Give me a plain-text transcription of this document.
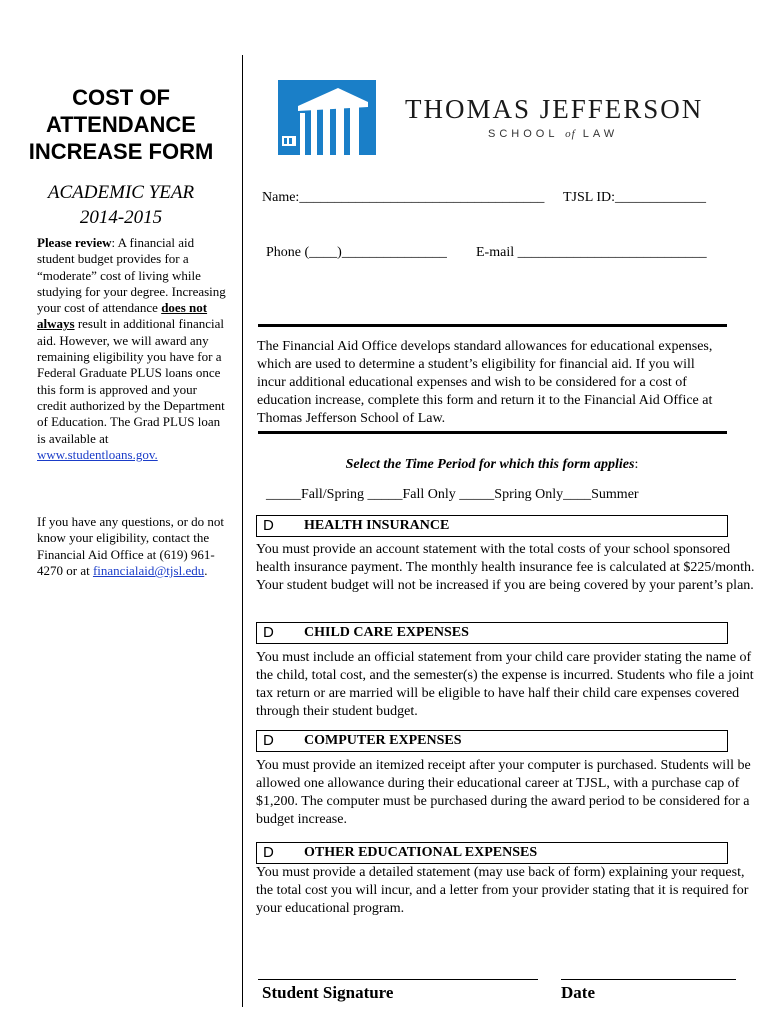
COST OF
ATTENDANCE
INCREASE FORM
ACADEMIC YEAR
2014-2015
Please review: A financial aid student budget provides for a “moderate” cost of living while studying for your degree. Increasing your cost of attendance does not always result in additional financial aid. However, we will award any remaining eligibility you have for a Federal Graduate PLUS loans once this form is approved and your credit authorized by the Department of Education. The Grad PLUS loan is available at www.studentloans.gov.
If you have any questions, or do not know your eligibility, contact the Financial Aid Office at (619) 961-4270 or at financialaid@tjsl.edu.
THOMAS JEFFERSON
SCHOOL of LAW
Name:___________________________________ TJSL ID:_____________
Phone (____)_______________ E-mail ___________________________
The Financial Aid Office develops standard allowances for educational expenses, which are used to determine a student’s eligibility for financial aid. If you will incur additional educational expenses and wish to be considered for a cost of education increase, complete this form and return it to the Financial Aid Office at Thomas Jefferson School of Law.
Select the Time Period for which this form applies:
_____Fall/Spring _____Fall Only _____Spring Only____Summer
D HEALTH INSURANCE
You must provide an account statement with the total costs of your school sponsored health insurance payment. The monthly health insurance fee is calculated at $225/month. Your student budget will not be increased if you are being covered by your parent’s plan.
D CHILD CARE EXPENSES
You must include an official statement from your child care provider stating the name of the child, total cost, and the semester(s) the expense is incurred. Students who file a joint tax return or are married will be eligible to have half their child care expenses covered through their student budget.
D COMPUTER EXPENSES
You must provide an itemized receipt after your computer is purchased. Students will be allowed one allowance during their educational career at TJSL, with a purchase cap of $1,200. The computer must be purchased during the award period to be considered for a budget increase.
D OTHER EDUCATIONAL EXPENSES
You must provide a detailed statement (may use back of form) explaining your request, the total cost you will incur, and a letter from your provider stating that it is required for your educational program.
Student Signature	Date
